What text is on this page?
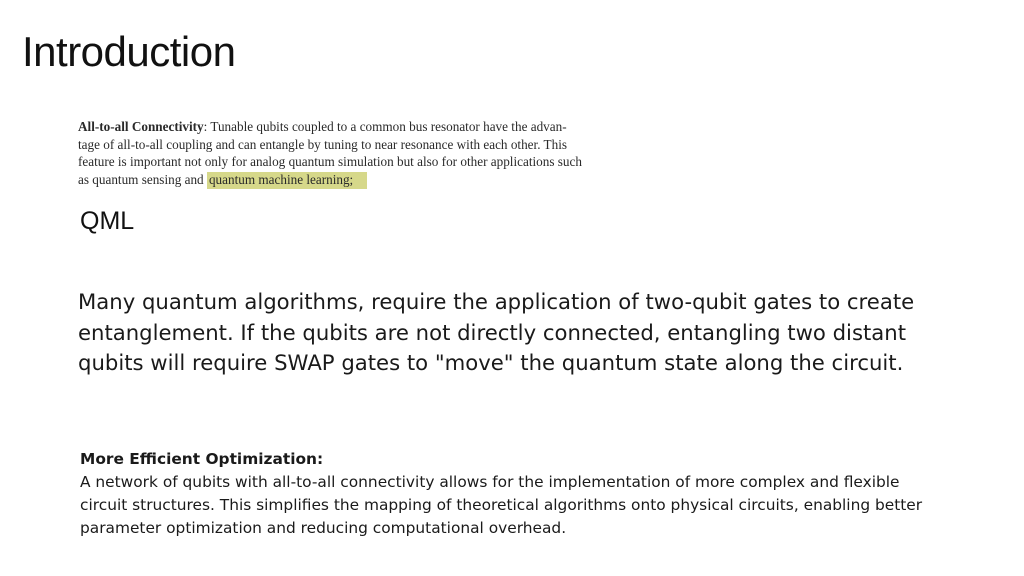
Introduction
All-to-all Connectivity: Tunable qubits coupled to a common bus resonator have the advan-
tage of all-to-all coupling and can entangle by tuning to near resonance with each other. This
feature is important not only for analog quantum simulation but also for other applications such
as quantum sensing and quantum machine learning;
QML
Many quantum algorithms, require the application of two-qubit gates to create
entanglement. If the qubits are not directly connected, entangling two distant
qubits will require SWAP gates to "move" the quantum state along the circuit.
More Efficient Optimization:
A network of qubits with all-to-all connectivity allows for the implementation of more complex and flexible
circuit structures. This simplifies the mapping of theoretical algorithms onto physical circuits, enabling better
parameter optimization and reducing computational overhead.
